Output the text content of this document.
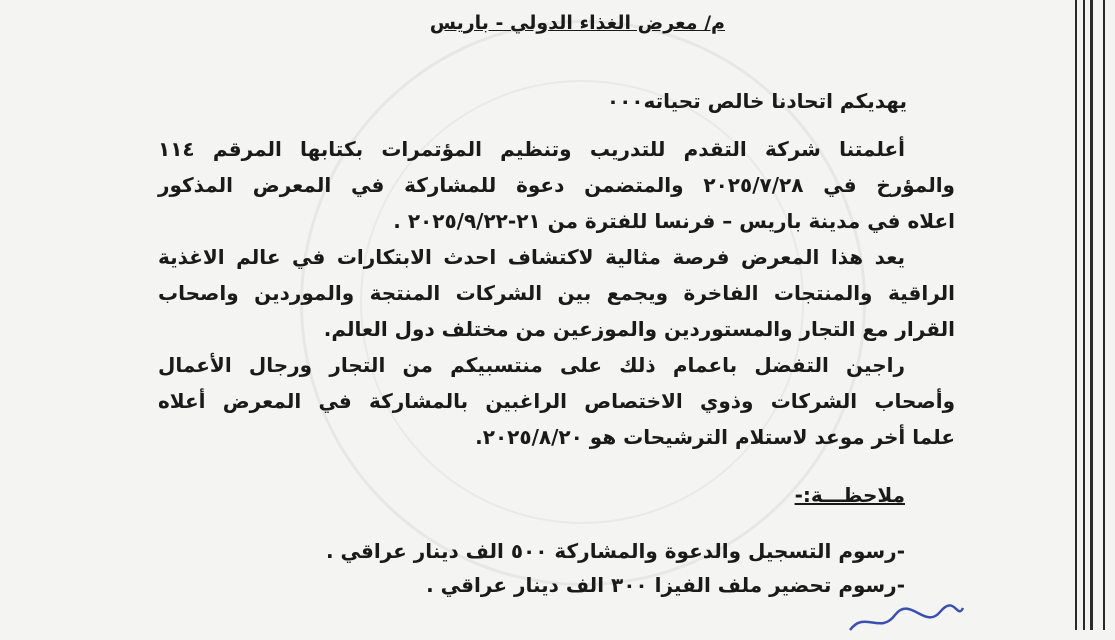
م/ معرض الغذاء الدولي - باريس
يهديكم اتحادنا خالص تحياته٠٠٠
أعلمتنا شركة التقدم للتدريب وتنظيم المؤتمرات بكتابها المرقم ١١٤
والمؤرخ في ٢٠٢٥/٧/٢٨ والمتضمن دعوة للمشاركة في المعرض المذكور
اعلاه في مدينة باريس – فرنسا للفترة من ٢١-٢٠٢٥/٩/٢٢ .
يعد هذا المعرض فرصة مثالية لاكتشاف احدث الابتكارات في عالم الاغذية
الراقية والمنتجات الفاخرة ويجمع بين الشركات المنتجة والموردين واصحاب
القرار مع التجار والمستوردين والموزعين من مختلف دول العالم.
راجين التفضل باعمام ذلك على منتسبيكم من التجار ورجال الأعمال
وأصحاب الشركات وذوي الاختصاص الراغبين بالمشاركة في المعرض أعلاه
علما أخر موعد لاستلام الترشيحات هو ٢٠٢٥/٨/٢٠.
ملاحظـــة:-
-رسوم التسجيل والدعوة والمشاركة ٥٠٠ الف دينار عراقي .
-رسوم تحضير ملف الفيزا ٣٠٠ الف دينار عراقي .
